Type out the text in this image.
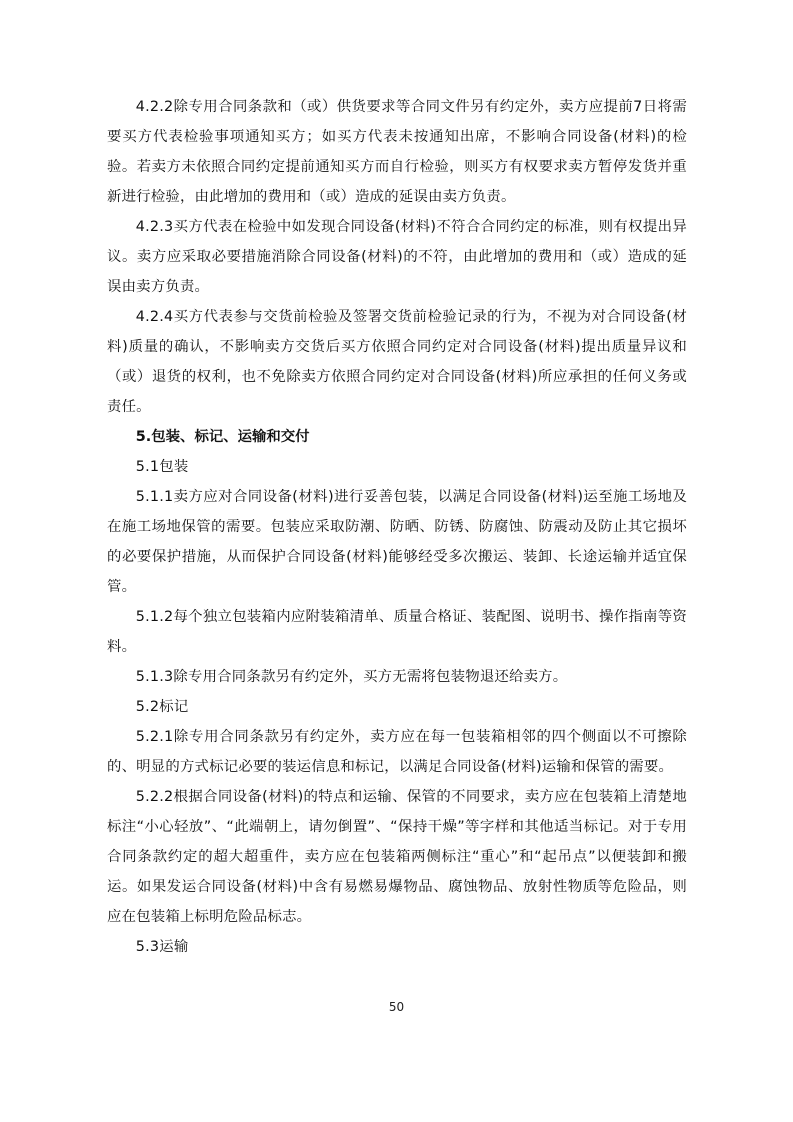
4.2.2除专用合同条款和（或）供货要求等合同文件另有约定外，卖方应提前7日将需要买方代表检验事项通知买方；如买方代表未按通知出席，不影响合同设备(材料)的检验。若卖方未依照合同约定提前通知买方而自行检验，则买方有权要求卖方暂停发货并重新进行检验，由此增加的费用和（或）造成的延误由卖方负责。

4.2.3买方代表在检验中如发现合同设备(材料)不符合合同约定的标准，则有权提出异议。卖方应采取必要措施消除合同设备(材料)的不符，由此增加的费用和（或）造成的延误由卖方负责。

4.2.4买方代表参与交货前检验及签署交货前检验记录的行为，不视为对合同设备(材料)质量的确认，不影响卖方交货后买方依照合同约定对合同设备(材料)提出质量异议和（或）退货的权利，也不免除卖方依照合同约定对合同设备(材料)所应承担的任何义务或责任。

5.包装、标记、运输和交付

5.1包装

5.1.1卖方应对合同设备(材料)进行妥善包装，以满足合同设备(材料)运至施工场地及在施工场地保管的需要。包装应采取防潮、防晒、防锈、防腐蚀、防震动及防止其它损坏的必要保护措施，从而保护合同设备(材料)能够经受多次搬运、装卸、长途运输并适宜保管。

5.1.2每个独立包装箱内应附装箱清单、质量合格证、装配图、说明书、操作指南等资料。

5.1.3除专用合同条款另有约定外，买方无需将包装物退还给卖方。

5.2标记

5.2.1除专用合同条款另有约定外，卖方应在每一包装箱相邻的四个侧面以不可擦除的、明显的方式标记必要的装运信息和标记，以满足合同设备(材料)运输和保管的需要。

5.2.2根据合同设备(材料)的特点和运输、保管的不同要求，卖方应在包装箱上清楚地标注“小心轻放”、“此端朝上，请勿倒置”、“保持干燥”等字样和其他适当标记。对于专用合同条款约定的超大超重件，卖方应在包装箱两侧标注“重心”和“起吊点”以便装卸和搬运。如果发运合同设备(材料)中含有易燃易爆物品、腐蚀物品、放射性物质等危险品，则应在包装箱上标明危险品标志。

5.3运输

50
